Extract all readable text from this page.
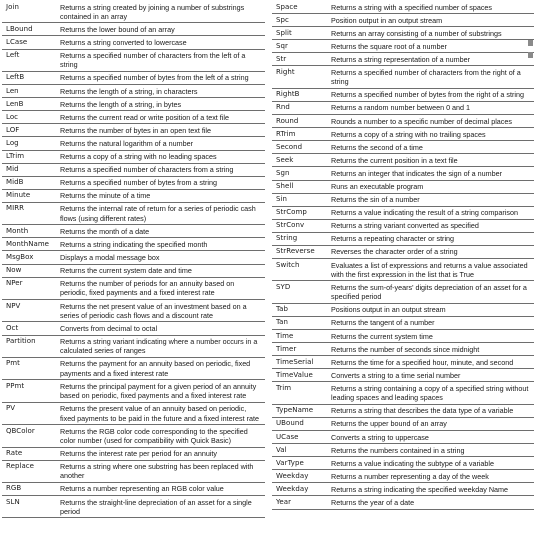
Join	Returns a string created by joining a number of substrings contained in an array
LBound	Returns the lower bound of an array
LCase	Returns a string converted to lowercase
Left	Returns a specified number of characters from the left of a string
LeftB	Returns a specified number of bytes from the left of a string
Len	Returns the length of a string, in characters
LenB	Returns the length of a string, in bytes
Loc	Returns the current read or write position of a text file
LOF	Returns the number of bytes in an open text file
Log	Returns the natural logarithm of a number
LTrim	Returns a copy of a string with no leading spaces
Mid	Returns a specified number of characters from a string
MidB	Returns a specified number of bytes from a string
Minute	Returns the minute of a time
MIRR	Returns the internal rate of return for a series of periodic cash flows (using different rates)
Month	Returns the month of a date
MonthName	Returns a string indicating the specified month
MsgBox	Displays a modal message box
Now	Returns the current system date and time
NPer	Returns the number of periods for an annuity based on periodic, fixed payments and a fixed interest rate
NPV	Returns the net present value of an investment based on a series of periodic cash flows and a discount rate
Oct	Converts from decimal to octal
Partition	Returns a string variant indicating where a number occurs in a calculated series of ranges
Pmt	Returns the payment for an annuity based on periodic, fixed payments and a fixed interest rate
PPmt	Returns the principal payment for a given period of an annuity based on periodic, fixed payments and a fixed interest rate
PV	Returns the present value of an annuity based on periodic, fixed payments to be paid in the future and a fixed interest rate
QBColor	Returns the RGB color code corresponding to the specified color number (used for compatibility with Quick Basic)
Rate	Returns the interest rate per period for an annuity
Replace	Returns a string where one substring has been replaced with another
RGB	Returns a number representing an RGB color value
SLN	Returns the straight-line depreciation of an asset for a single period
Space	Returns a string with a specified number of spaces
Spc	Position output in an output stream
Split	Returns an array consisting of a number of substrings
Sqr	Returns the square root of a number
Str	Returns a string representation of a number
Right	Returns a specified number of characters from the right of a string
RightB	Returns a specified number of bytes from the right of a string
Rnd	Returns a random number between 0 and 1
Round	Rounds a number to a specific number of decimal places
RTrim	Returns a copy of a string with no trailing spaces
Second	Returns the second of a time
Seek	Returns the current position in a text file
Sgn	Returns an integer that indicates the sign of a number
Shell	Runs an executable program
Sin	Returns the sin of a number
StrComp	Returns a value indicating the result of a string comparison
StrConv	Returns a string variant converted as specified
String	Returns a repeating character or string
StrReverse	Reverses the character order of a string
Switch	Evaluates a list of expressions and returns a value associated with the first expression in the list that is True
SYD	Returns the sum-of-years' digits depreciation of an asset for a specified period
Tab	Positions output in an output stream
Tan	Returns the tangent of a number
Time	Returns the current system time
Timer	Returns the number of seconds since midnight
TimeSerial	Returns the time for a specified hour, minute, and second
TimeValue	Converts a string to a time serial number
Trim	Returns a string containing a copy of a specified string without leading spaces and leading spaces
TypeName	Returns a string that describes the data type of a variable
UBound	Returns the upper bound of an array
UCase	Converts a string to uppercase
Val	Returns the numbers contained in a string
VarType	Returns a value indicating the subtype of a variable
Weekday	Returns a number representing a day of the week
Weekday	Returns a string indicating the specified weekday Name
Year	Returns the year of a date
